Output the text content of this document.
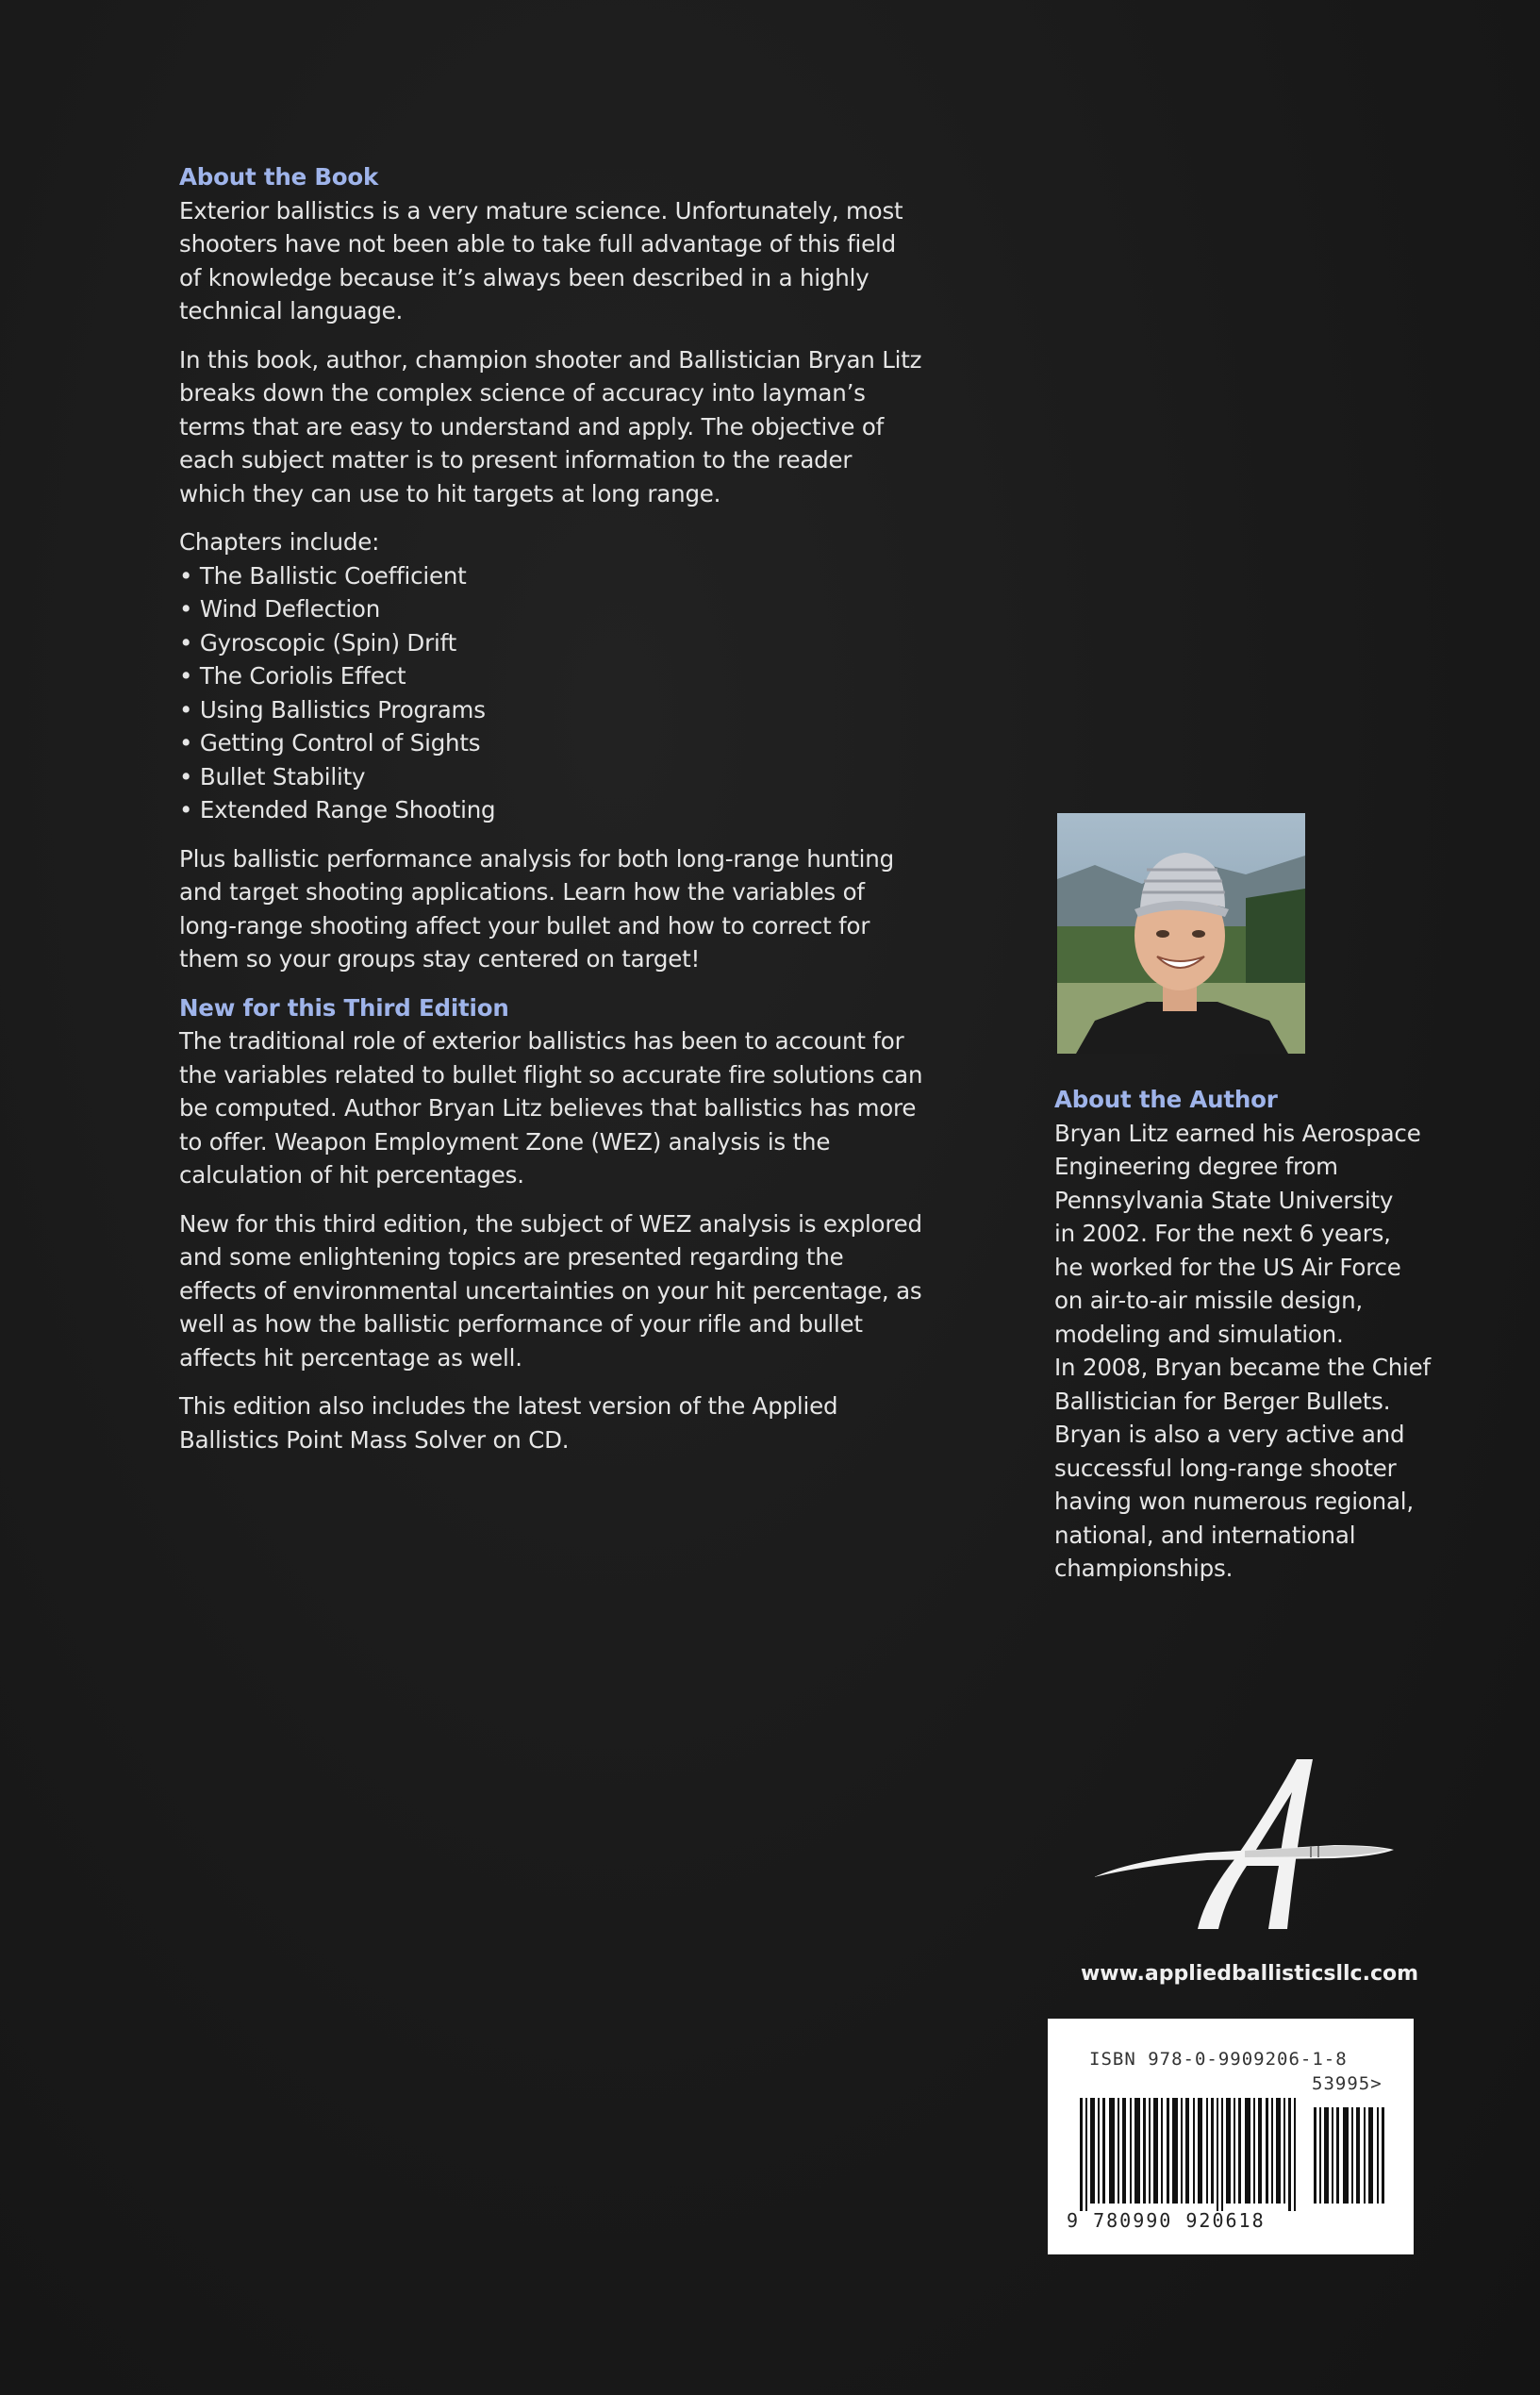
About the Book

Exterior ballistics is a very mature science. Unfortunately, most shooters have not been able to take full advantage of this field of knowledge because it’s always been described in a highly technical language.

In this book, author, champion shooter and Ballistician Bryan Litz breaks down the complex science of accuracy into layman’s terms that are easy to understand and apply. The objective of each subject matter is to present information to the reader which they can use to hit targets at long range.

Chapters include:
• The Ballistic Coefficient
• Wind Deflection
• Gyroscopic (Spin) Drift
• The Coriolis Effect
• Using Ballistics Programs
• Getting Control of Sights
• Bullet Stability
• Extended Range Shooting

Plus ballistic performance analysis for both long-range hunting and target shooting applications. Learn how the variables of long-range shooting affect your bullet and how to correct for them so your groups stay centered on target!

New for this Third Edition

The traditional role of exterior ballistics has been to account for the variables related to bullet flight so accurate fire solutions can be computed. Author Bryan Litz believes that ballistics has more to offer. Weapon Employment Zone (WEZ) analysis is the calculation of hit percentages.

New for this third edition, the subject of WEZ analysis is explored and some enlightening topics are presented regarding the effects of environmental uncertainties on your hit percentage, as well as how the ballistic performance of your rifle and bullet affects hit percentage as well.

This edition also includes the latest version of the Applied Ballistics Point Mass Solver on CD.

About the Author
Bryan Litz earned his Aerospace
Engineering degree from
Pennsylvania State University
in 2002. For the next 6 years,
he worked for the US Air Force
on air-to-air missile design,
modeling and simulation.
In 2008, Bryan became the Chief
Ballistician for Berger Bullets.
Bryan is also a very active and
successful long-range shooter
having won numerous regional,
national, and international
championships.
www.appliedballisticsllc.com
ISBN 978-0-9909206-1-8
53995>
9 780990 920618
